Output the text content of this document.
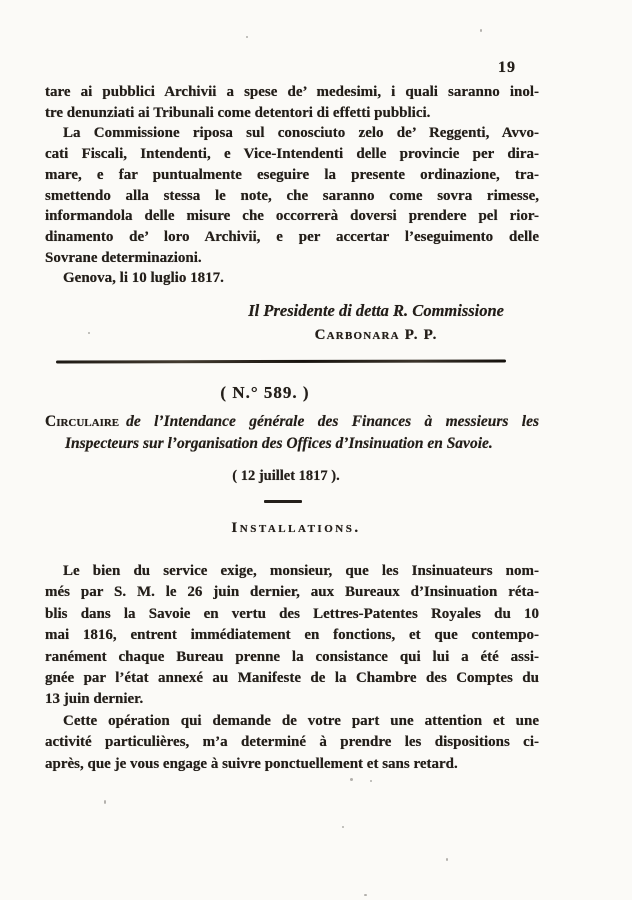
19
tare ai pubblici Archivii a spese de’ medesimi, i quali saranno inol-
tre denunziati ai Tribunali come detentori di effetti pubblici.
La Commissione riposa sul conosciuto zelo de’ Reggenti, Avvo-
cati Fiscali, Intendenti, e Vice-Intendenti delle provincie per dira-
mare, e far puntualmente eseguire la presente ordinazione, tra-
smettendo alla stessa le note, che saranno come sovra rimesse,
informandola delle misure che occorrerà doversi prendere pel rior-
dinamento de’ loro Archivii, e per accertar l’eseguimento delle
Sovrane determinazioni.
Genova, li 10 luglio 1817.
Il Presidente di detta R. Commissione
Carbonara P. P.
( N.° 589. )
Circulaire de l’Intendance générale des Finances à messieurs les
Inspecteurs sur l’organisation des Offices d’Insinuation en Savoie.
( 12 juillet 1817 ).
Installations.
Le bien du service exige, monsieur, que les Insinuateurs nom-
més par S. M. le 26 juin dernier, aux Bureaux d’Insinuation réta-
blis dans la Savoie en vertu des Lettres-Patentes Royales du 10
mai 1816, entrent immédiatement en fonctions, et que contempo-
ranément chaque Bureau prenne la consistance qui lui a été assi-
gnée par l’état annexé au Manifeste de la Chambre des Comptes du
13 juin dernier.
Cette opération qui demande de votre part une attention et une
activité particulières, m’a determiné à prendre les dispositions ci-
après, que je vous engage à suivre ponctuellement et sans retard.
